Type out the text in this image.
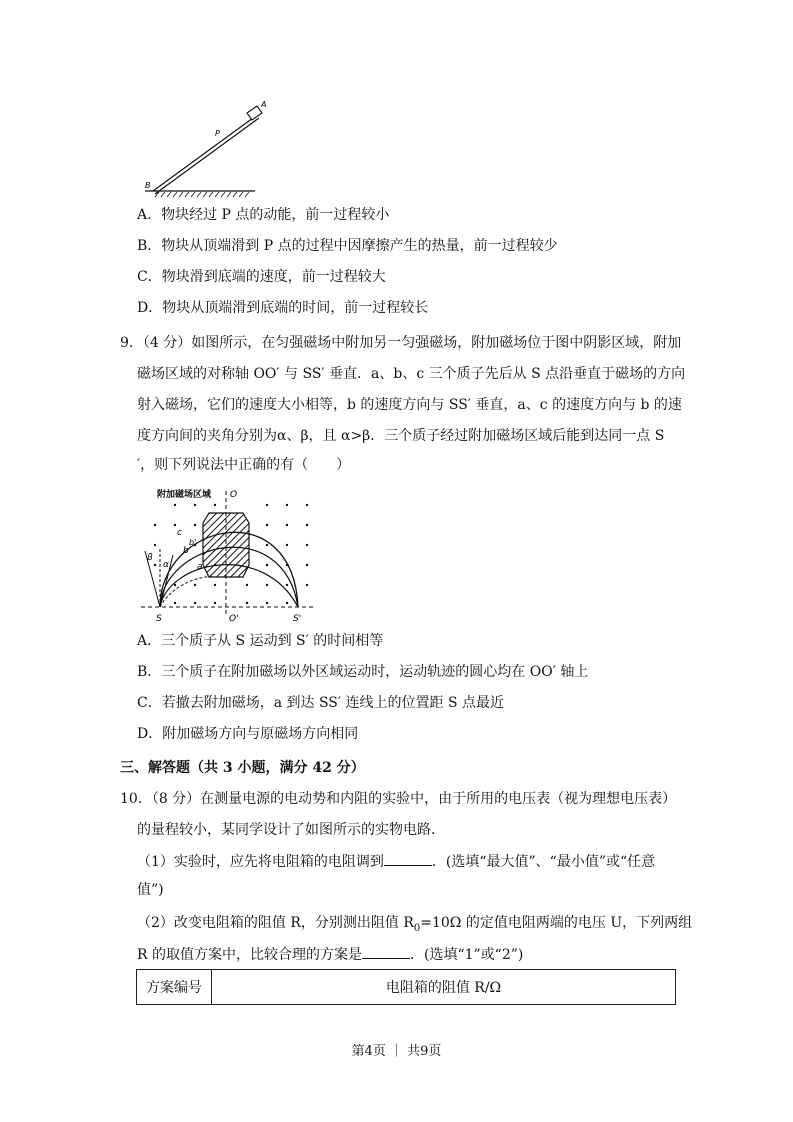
A
P
B
A．物块经过 P 点的动能，前一过程较小
B．物块从顶端滑到 P 点的过程中因摩擦产生的热量，前一过程较少
C．物块滑到底端的速度，前一过程较大
D．物块从顶端滑到底端的时间，前一过程较长
9．（4 分）如图所示，在匀强磁场中附加另一匀强磁场，附加磁场位于图中阴影区域，附加
磁场区域的对称轴 OO′ 与 SS′ 垂直．a、b、c 三个质子先后从 S 点沿垂直于磁场的方向
射入磁场，它们的速度大小相等，b 的速度方向与 SS′ 垂直，a、c 的速度方向与 b 的速
度方向间的夹角分别为α、β，且 α>β．三个质子经过附加磁场区域后能到达同一点 S
′，则下列说法中正确的有（　　）
附加磁场区域 O
β
α
c
b
b'
a
S	O'	S'
A．三个质子从 S 运动到 S′ 的时间相等
B．三个质子在附加磁场以外区域运动时，运动轨迹的圆心均在 OO′ 轴上
C．若撤去附加磁场，a 到达 SS′ 连线上的位置距 S 点最近
D．附加磁场方向与原磁场方向相同
三、解答题（共 3 小题，满分 42 分）
10．（8 分）在测量电源的电动势和内阻的实验中，由于所用的电压表（视为理想电压表）
的量程较小，某同学设计了如图所示的实物电路．
（1）实验时，应先将电阻箱的电阻调到	．(选填“最大值”、“最小值”或“任意
值”)
（2）改变电阻箱的阻值 R，分别测出阻值 $R_0=10\Omega$ 的定值电阻两端的电压 U，下列两组
R 的取值方案中，比较合理的方案是	．(选填“1”或“2”)
方案编号	电阻箱的阻值 R/Ω
第4页 ｜ 共9页
